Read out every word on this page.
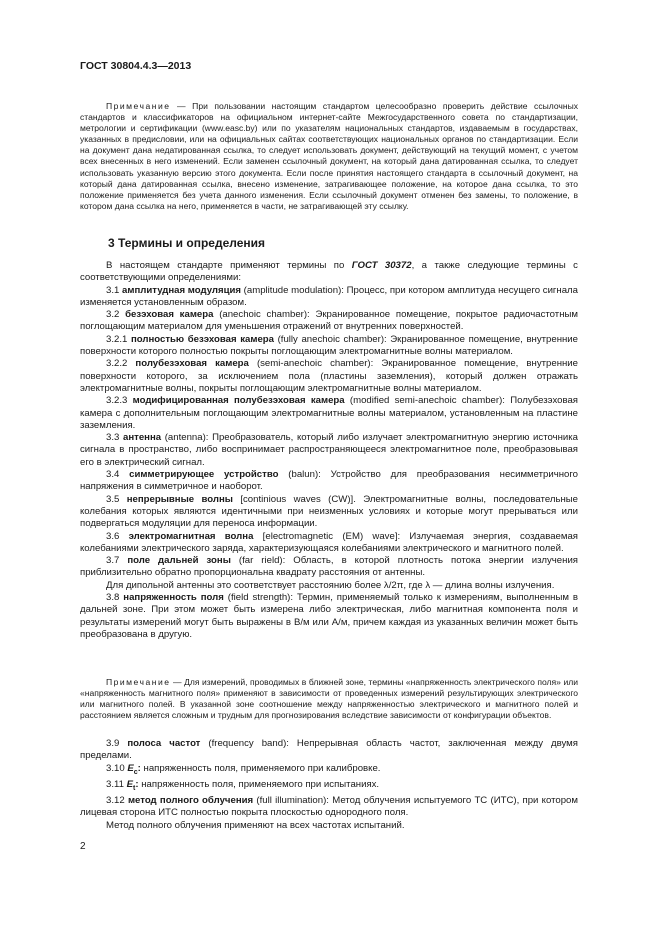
ГОСТ 30804.4.3—2013

Примечание — При пользовании настоящим стандартом целесообразно проверить действие ссылочных стандартов и классификаторов на официальном интернет-сайте Межгосударственного совета по стандартизации, метрологии и сертификации (www.easc.by) или по указателям национальных стандартов, издаваемым в государствах, указанных в предисловии, или на официальных сайтах соответствующих национальных органов по стандартизации. Если на документ дана недатированная ссылка, то следует использовать документ, действующий на текущий момент, с учетом всех внесенных в него изменений. Если заменен ссылочный документ, на который дана датированная ссылка, то следует использовать указанную версию этого документа. Если после принятия настоящего стандарта в ссылочный документ, на который дана датированная ссылка, внесено изменение, затрагивающее положение, на которое дана ссылка, то это положение применяется без учета данного изменения. Если ссылочный документ отменен без замены, то положение, в котором дана ссылка на него, применяется в части, не затрагивающей эту ссылку.

3 Термины и определения

В настоящем стандарте применяют термины по ГОСТ 30372, а также следующие термины с соответствующими определениями:

3.1 амплитудная модуляция (amplitude modulation): Процесс, при котором амплитуда несущего сигнала изменяется установленным образом.

3.2 безэховая камера (anechoic chamber): Экранированное помещение, покрытое радиочастотным поглощающим материалом для уменьшения отражений от внутренних поверхностей.

3.2.1 полностью безэховая камера (fully anechoic chamber): Экранированное помещение, внутренние поверхности которого полностью покрыты поглощающим электромагнитные волны материалом.

3.2.2 полубезэховая камера (semi-anechoic chamber): Экранированное помещение, внутренние поверхности которого, за исключением пола (пластины заземления), который должен отражать электромагнитные волны, покрыты поглощающим электромагнитные волны материалом.

3.2.3 модифицированная полубезэховая камера (modified semi-anechoic chamber): Полубезэховая камера с дополнительным поглощающим электромагнитные волны материалом, установленным на пластине заземления.

3.3 антенна (antenna): Преобразователь, который либо излучает электромагнитную энергию источника сигнала в пространство, либо воспринимает распространяющееся электромагнитное поле, преобразовывая его в электрический сигнал.

3.4 симметрирующее устройство (balun): Устройство для преобразования несимметричного напряжения в симметричное и наоборот.

3.5 непрерывные волны [continious waves (CW)]. Электромагнитные волны, последовательные колебания которых являются идентичными при неизменных условиях и которые могут прерываться или подвергаться модуляции для переноса информации.

3.6 электромагнитная волна [electromagnetic (EM) wave]: Излучаемая энергия, создаваемая колебаниями электрического заряда, характеризующаяся колебаниями электрического и магнитного полей.

3.7 поле дальней зоны (far rield): Область, в которой плотность потока энергии излучения приблизительно обратно пропорциональна квадрату расстояния от антенны.

Для дипольной антенны это соответствует расстоянию более λ/2π, где λ — длина волны излучения.

3.8 напряженность поля (field strength): Термин, применяемый только к измерениям, выполненным в дальней зоне. При этом может быть измерена либо электрическая, либо магнитная компонента поля и результаты измерений могут быть выражены в В/м или А/м, причем каждая из указанных величин может быть преобразована в другую.

Примечание — Для измерений, проводимых в ближней зоне, термины «напряженность электрического поля» или «напряженность магнитного поля» применяют в зависимости от проведенных измерений результирующих электрического или магнитного полей. В указанной зоне соотношение между напряженностью электрического и магнитного полей и расстоянием является сложным и трудным для прогнозирования вследствие зависимости от конфигурации объектов.

3.9 полоса частот (frequency band): Непрерывная область частот, заключенная между двумя пределами.

3.10 $E_c$: напряженность поля, применяемого при калибровке.

3.11 $E_t$: напряженность поля, применяемого при испытаниях.

3.12 метод полного облучения (full illumination): Метод облучения испытуемого ТС (ИТС), при котором лицевая сторона ИТС полностью покрыта плоскостью однородного поля.

Метод полного облучения применяют на всех частотах испытаний.

2
